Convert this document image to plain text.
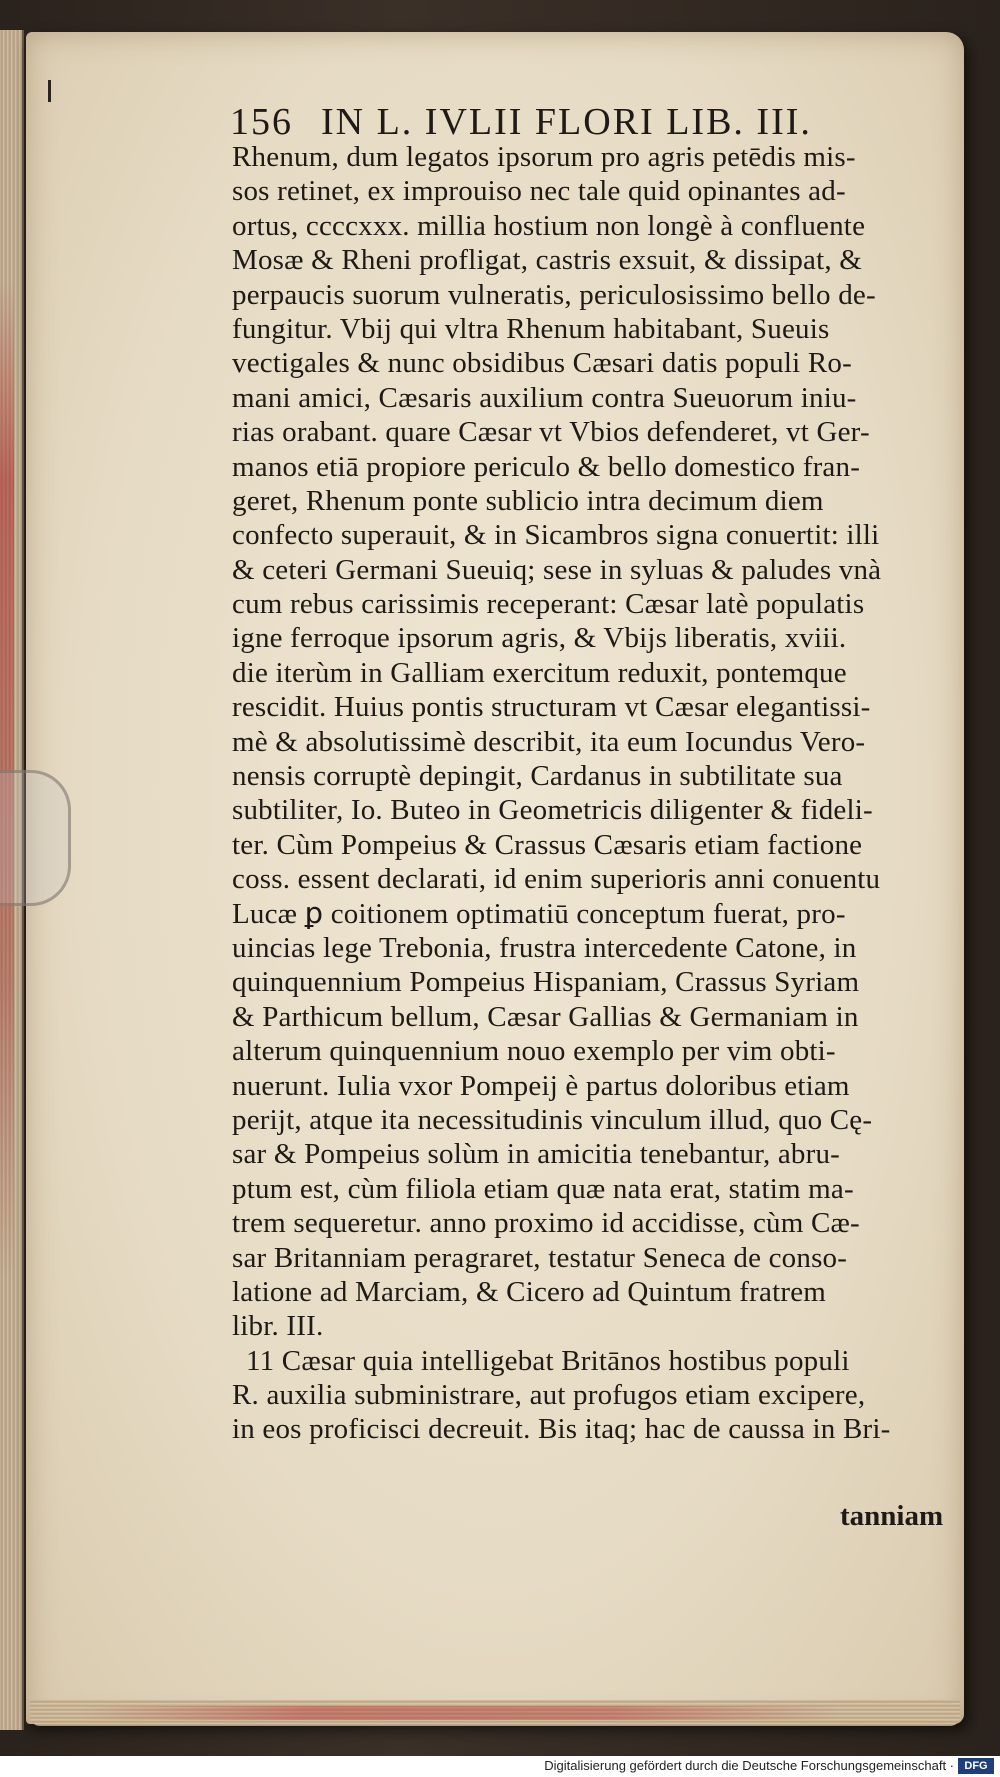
156 IN L. IVLII FLORI LIB. III.
Rhenum, dum legatos ipsorum pro agris petēdis mis-
sos retinet, ex improuiso nec tale quid opinantes ad-
ortus, ccccxxx. millia hostium non longè à confluente
Mosæ & Rheni profligat, castris exsuit, & dissipat, &
perpaucis suorum vulneratis, periculosissimo bello de-
fungitur. Vbij qui vltra Rhenum habitabant, Sueuis
vectigales & nunc obsidibus Cæsari datis populi Ro-
mani amici, Cæsaris auxilium contra Sueuorum iniu-
rias orabant. quare Cæsar vt Vbios defenderet, vt Ger-
manos etiā propiore periculo & bello domestico fran-
geret, Rhenum ponte sublicio intra decimum diem
confecto superauit, & in Sicambros signa conuertit: illi
& ceteri Germani Sueuiq; sese in syluas & paludes vnà
cum rebus carissimis receperant: Cæsar latè populatis
igne ferroque ipsorum agris, & Vbijs liberatis, xviii.
die iterùm in Galliam exercitum reduxit, pontemque
rescidit. Huius pontis structuram vt Cæsar elegantissi-
mè & absolutissimè describit, ita eum Iocundus Vero-
nensis corruptè depingit, Cardanus in subtilitate sua
subtiliter, Io. Buteo in Geometricis diligenter & fideli-
ter. Cùm Pompeius & Crassus Cæsaris etiam factione
coss. essent declarati, id enim superioris anni conuentu
Lucæ ꝑ coitionem optimatiū conceptum fuerat, pro-
uincias lege Trebonia, frustra intercedente Catone, in
quinquennium Pompeius Hispaniam, Crassus Syriam
& Parthicum bellum, Cæsar Gallias & Germaniam in
alterum quinquennium nouo exemplo per vim obti-
nuerunt. Iulia vxor Pompeij è partus doloribus etiam
perijt, atque ita necessitudinis vinculum illud, quo Cę-
sar & Pompeius solùm in amicitia tenebantur, abru-
ptum est, cùm filiola etiam quæ nata erat, statim ma-
trem sequeretur. anno proximo id accidisse, cùm Cæ-
sar Britanniam peragraret, testatur Seneca de conso-
latione ad Marciam, & Cicero ad Quintum fratrem
libr. III.
11 Cæsar quia intelligebat Britānos hostibus populi
R. auxilia subministrare, aut profugos etiam excipere,
in eos proficisci decreuit. Bis itaq; hac de caussa in Bri-
tanniam
Digitalisierung gefördert durch die Deutsche Forschungsgemeinschaft · DFG
